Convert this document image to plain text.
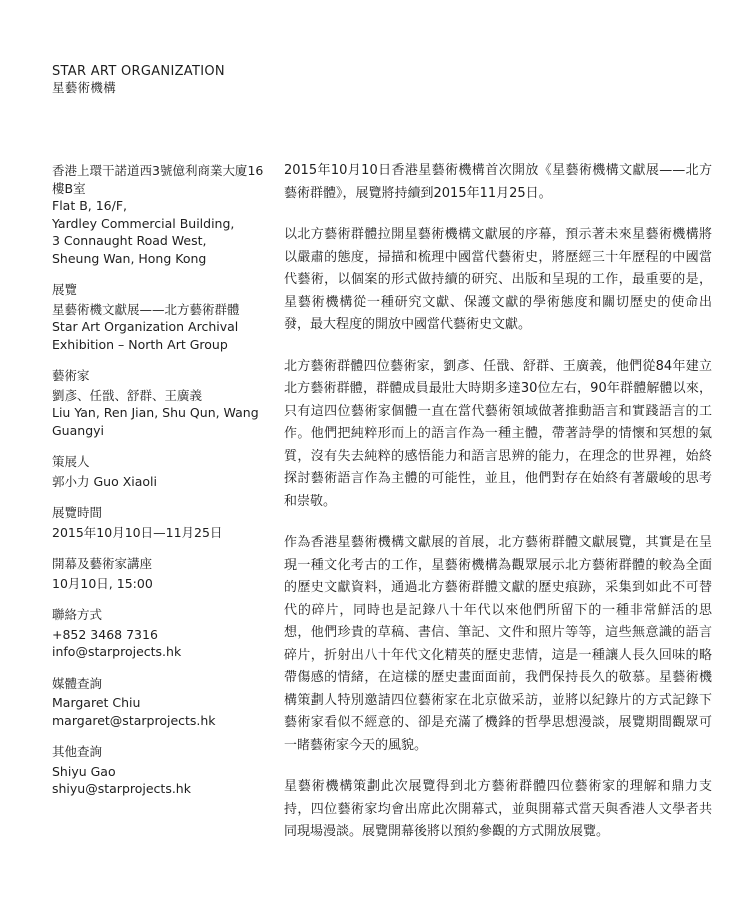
STAR ART ORGANIZATION
星藝術機構

香港上環干諾道西3號億利商業大廈16樓B室

Flat B, 16/F,

Yardley Commercial Building,

3 Connaught Road West,

Sheung Wan, Hong Kong

展覽

星藝術機文獻展——北方藝術群體

Star Art Organization Archival Exhibition – North Art Group

藝術家

劉彥、任戩、舒群、王廣義

Liu Yan, Ren Jian, Shu Qun, Wang Guangyi

策展人

郭小力 Guo Xiaoli

展覽時間

2015年10月10日—11月25日

開幕及藝術家講座

10月10日, 15:00

聯絡方式

+852 3468 7316

info@starprojects.hk

媒體查詢

Margaret Chiu

margaret@starprojects.hk

其他查詢

Shiyu Gao

shiyu@starprojects.hk

2015年10月10日香港星藝術機構首次開放《星藝術機構文獻展——北方藝術群體》，展覽將持續到2015年11月25日。

以北方藝術群體拉開星藝術機構文獻展的序幕，預示著未來星藝術機構將以嚴肅的態度，掃描和梳理中國當代藝術史，將歷經三十年歷程的中國當代藝術，以個案的形式做持續的研究、出版和呈現的工作，最重要的是，星藝術機構從一種研究文獻、保護文獻的學術態度和關切歷史的使命出發，最大程度的開放中國當代藝術史文獻。

北方藝術群體四位藝術家，劉彥、任戩、舒群、王廣義，他們從84年建立北方藝術群體，群體成員最壯大時期多達30位左右，90年群體解體以來，只有這四位藝術家個體一直在當代藝術領域做著推動語言和實踐語言的工作。他們把純粹形而上的語言作為一種主體，帶著詩學的情懷和冥想的氣質，沒有失去純粹的感悟能力和語言思辨的能力，在理念的世界裡，始終探討藝術語言作為主體的可能性，並且，他們對存在始終有著嚴峻的思考和崇敬。

作為香港星藝術機構文獻展的首展，北方藝術群體文獻展覽，其實是在呈現一種文化考古的工作，星藝術機構為觀眾展示北方藝術群體的較為全面的歷史文獻資料，通過北方藝術群體文獻的歷史痕跡，采集到如此不可替代的碎片，同時也是記錄八十年代以來他們所留下的一種非常鮮活的思想，他們珍貴的草稿、書信、筆記、文件和照片等等，這些無意識的語言碎片，折射出八十年代文化精英的歷史悲情，這是一種讓人長久回味的略帶傷感的情緒，在這樣的歷史畫面面前，我們保持長久的敬慕。星藝術機構策劃人特別邀請四位藝術家在北京做采訪，並將以紀錄片的方式記錄下藝術家看似不經意的、卻是充滿了機鋒的哲學思想漫談，展覽期間觀眾可一睹藝術家今天的風貌。

星藝術機構策劃此次展覽得到北方藝術群體四位藝術家的理解和鼎力支持，四位藝術家均會出席此次開幕式，並與開幕式當天與香港人文學者共同現場漫談。展覽開幕後將以預約參觀的方式開放展覽。
